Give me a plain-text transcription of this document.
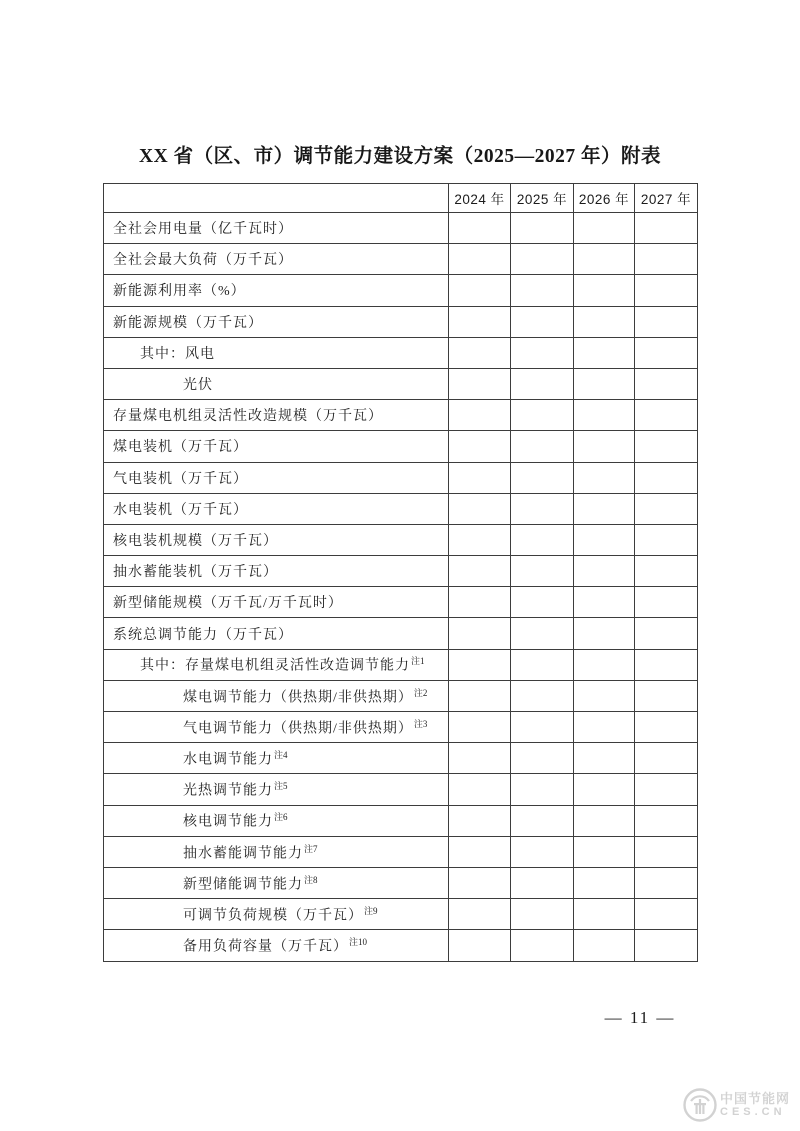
XX 省（区、市）调节能力建设方案（2025—2027 年）附表
	2024 年	2025 年	2026 年	2027 年
全社会用电量（亿千瓦时）				
全社会最大负荷（万千瓦）				
新能源利用率（%）				
新能源规模（万千瓦）				
其中：风电				
光伏				
存量煤电机组灵活性改造规模（万千瓦）				
煤电装机（万千瓦）				
气电装机（万千瓦）				
水电装机（万千瓦）				
核电装机规模（万千瓦）				
抽水蓄能装机（万千瓦）				
新型储能规模（万千瓦/万千瓦时）				
系统总调节能力（万千瓦）				
其中：存量煤电机组灵活性改造调节能力$^{注1}$				
煤电调节能力（供热期/非供热期）$^{注2}$				
气电调节能力（供热期/非供热期）$^{注3}$				
水电调节能力$^{注4}$				
光热调节能力$^{注5}$				
核电调节能力$^{注6}$				
抽水蓄能调节能力$^{注7}$				
新型储能调节能力$^{注8}$				
可调节负荷规模（万千瓦）$^{注9}$				
备用负荷容量（万千瓦）$^{注10}$				
— 11 —
中国节能网
CES.CN
